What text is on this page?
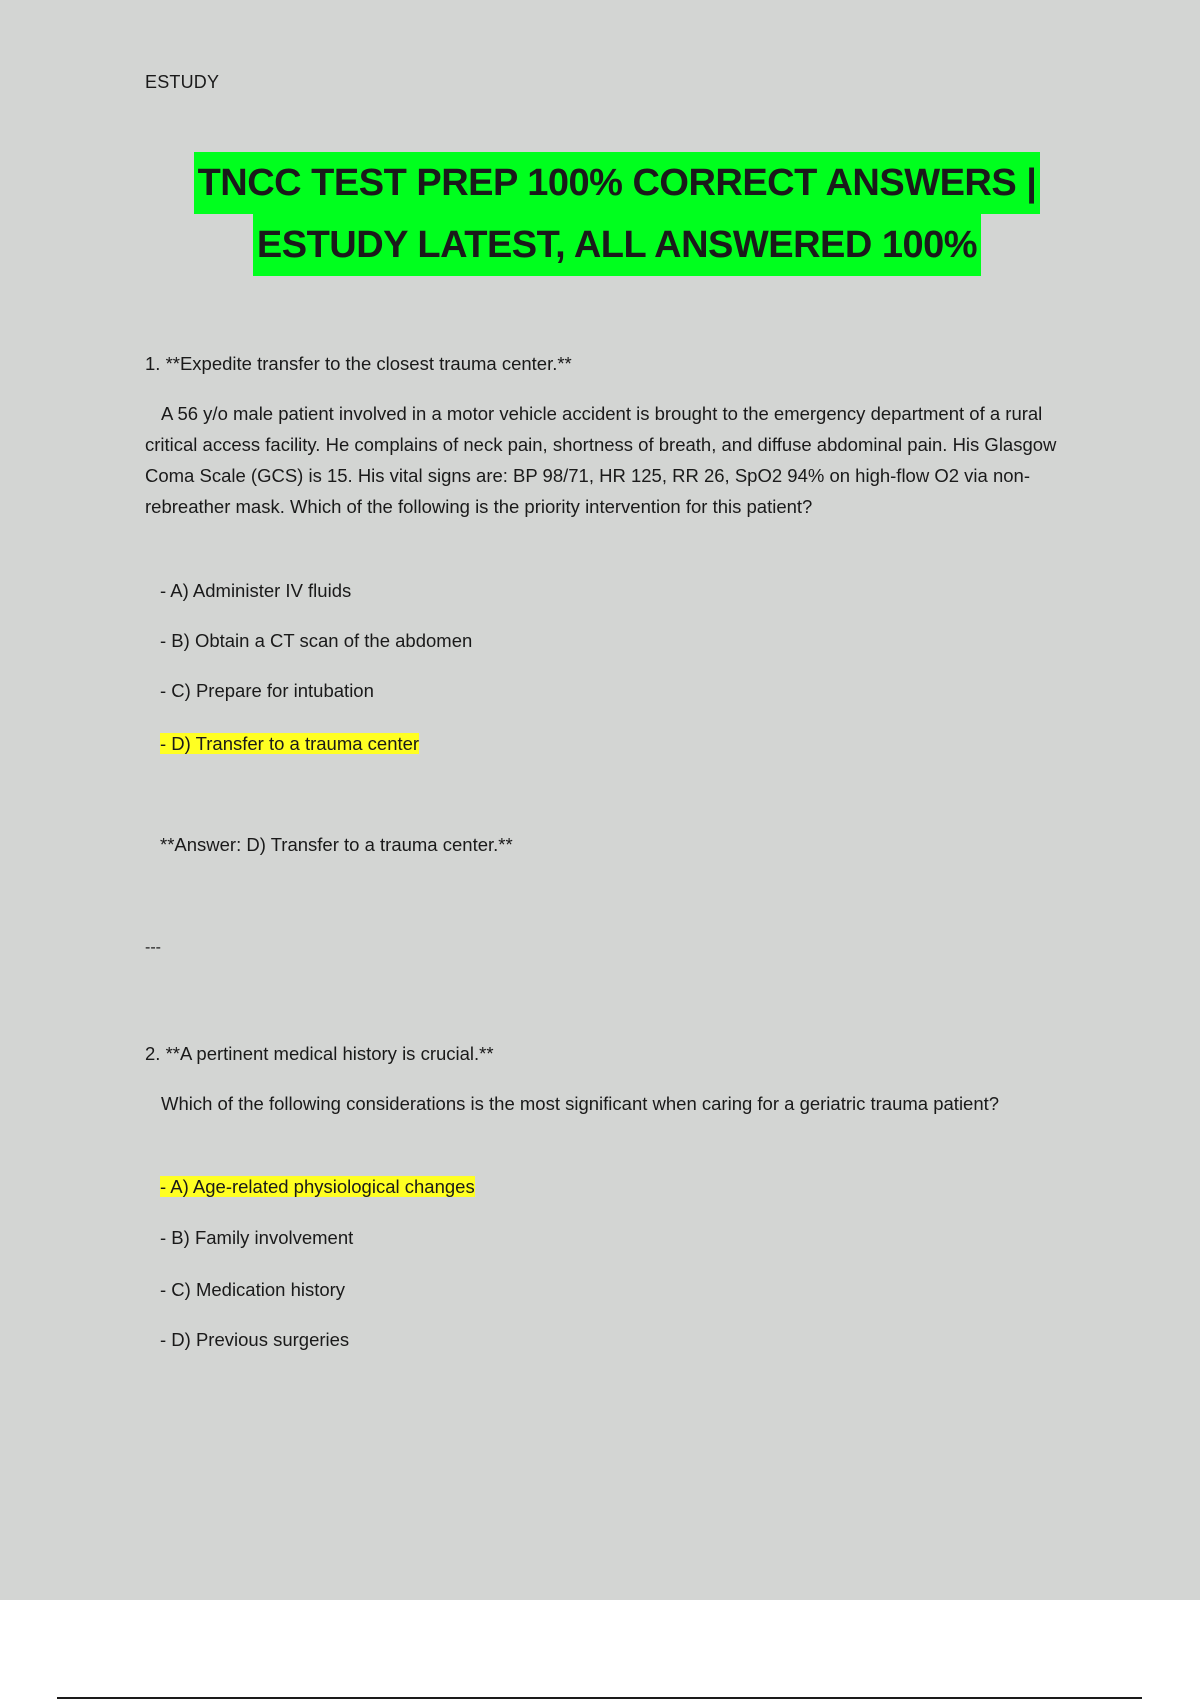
ESTUDY
TNCC TEST PREP 100% CORRECT ANSWERS |
ESTUDY LATEST, ALL ANSWERED 100%
1. **Expedite transfer to the closest trauma center.**
A 56 y/o male patient involved in a motor vehicle accident is brought to the emergency department of a rural critical access facility. He complains of neck pain, shortness of breath, and diffuse abdominal pain. His Glasgow Coma Scale (GCS) is 15. His vital signs are: BP 98/71, HR 125, RR 26, SpO2 94% on high-flow O2 via non-rebreather mask. Which of the following is the priority intervention for this patient?
- A) Administer IV fluids
- B) Obtain a CT scan of the abdomen
- C) Prepare for intubation
- D) Transfer to a trauma center
**Answer: D) Transfer to a trauma center.**
---
2. **A pertinent medical history is crucial.**
Which of the following considerations is the most significant when caring for a geriatric trauma patient?
- A) Age-related physiological changes
- B) Family involvement
- C) Medication history
- D) Previous surgeries
